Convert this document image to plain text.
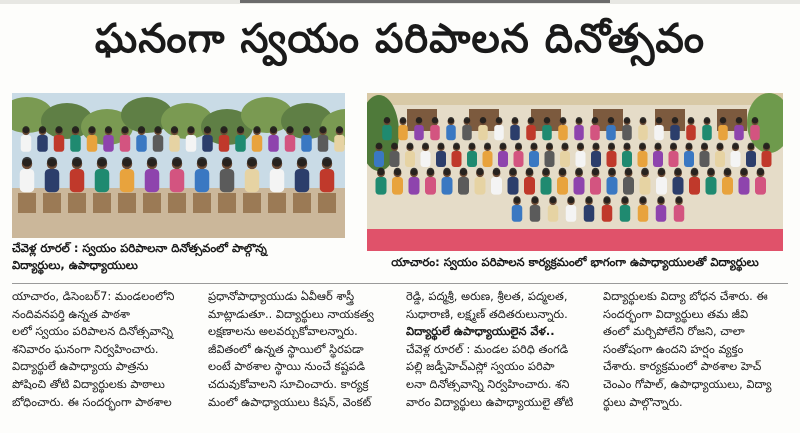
ఘనంగా స్వయం పరిపాలన దినోత్సవం
చేవెళ్ల రూరల్ : స్వయం పరిపాలనా దినోత్సవంలో పాల్గొన్న
విద్యార్థులు, ఉపాధ్యాయులు	యాచారం: స్వయం పరిపాలన కార్యక్రమంలో భాగంగా ఉపాధ్యాయులతో విద్యార్థులు

యాచారం, డిసెంబర్7: మండలంలోని

నందివనపర్తి ఉన్నత పాఠశా

లలో స్వయం పరిపాలన దినోత్సవాన్ని

శనివారం ఘనంగా నిర్వహించారు.

విద్యార్థులే ఉపాధ్యాయ పాత్రను

పోషించి తోటి విద్యార్థులకు పాఠాలు

బోధించారు. ఈ సందర్భంగా పాఠశాల

ప్రధానోపాధ్యాయుడు ఏవీఆర్ శాస్త్రీ

మాట్లాడుతూ.. విద్యార్థులు నాయకత్వ

లక్షణాలను అలవర్చుకోవాలన్నారు.

జీవితంలో ఉన్నత స్థాయిలో స్థిరపడా

లంటే పాఠశాల స్థాయి నుంచే కష్టపడి

చదువుకోవాలని సూచించారు. కార్యక్ర

మంలో ఉపాధ్యాయులు కిషన్, వెంకట్

రెడ్డి, పద్మశ్రీ, అరుణ, శ్రీలత, పద్మలత,

సుధారాణి, లక్ష్మణ్ తదితరులున్నారు.

విద్యార్థులే ఉపాధ్యాయులైన వేళ..

చేవెళ్ల రూరల్ : మండల పరిధి తంగడి

పల్లి జడ్పీహెచ్ఎస్లో స్వయం పరిపా

లనా దినోత్సవాన్ని నిర్వహించారు. శని

వారం విద్యార్థులు ఉపాధ్యాయులై తోటి

విద్యార్థులకు విద్యా బోధన చేశారు. ఈ

సందర్భంగా విద్యార్థులు తమ జీవి

తంలో మర్చిపోలేని రోజని, చాలా

సంతోషంగా ఉందని హర్షం వ్యక్తం

చేశారు. కార్యక్రమంలో పాఠశాల హెచ్

చెంఎం గోపాల్, ఉపాధ్యాయులు, విద్యా

ర్థులు పాల్గొన్నారు.
